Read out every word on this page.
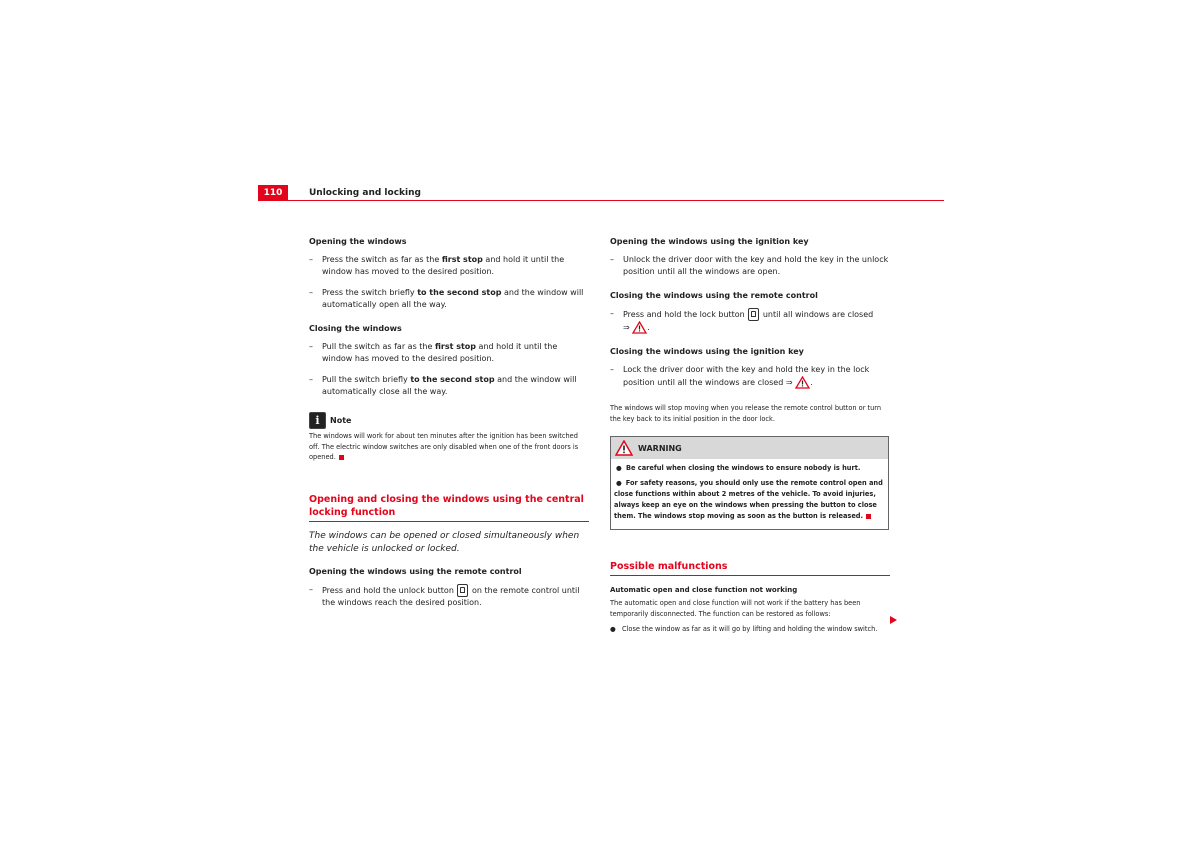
110	Unlocking and locking

Opening the windows

– Press the switch as far as the first stop and hold it until the window has moved to the desired position.
– Press the switch briefly to the second stop and the window will automatically open all the way.

Closing the windows

– Pull the switch as far as the first stop and hold it until the window has moved to the desired position.
– Pull the switch briefly to the second stop and the window will automatically close all the way.
i	Note

The windows will work for about ten minutes after the ignition has been switched off. The electric window switches are only disabled when one of the front doors is opened.

Opening and closing the windows using the central locking function

The windows can be opened or closed simultaneously when the vehicle is unlocked or locked.

Opening the windows using the remote control

– Press and hold the unlock button  on the remote control until the windows reach the desired position.

Opening the windows using the ignition key

– Unlock the driver door with the key and hold the key in the unlock position until all the windows are open.

Closing the windows using the remote control

– Press and hold the lock button  until all windows are closed
⇒ .

Closing the windows using the ignition key

– Lock the driver door with the key and hold the key in the lock position until all the windows are closed ⇒ .

The windows will stop moving when you release the remote control button or turn the key back to its initial position in the door lock.

WARNING
● Be careful when closing the windows to ensure nobody is hurt.
● For safety reasons, you should only use the remote control open and close functions within about 2 metres of the vehicle. To avoid injuries, always keep an eye on the windows when pressing the button to close them. The windows stop moving as soon as the button is released.

Possible malfunctions

Automatic open and close function not working

The automatic open and close function will not work if the battery has been temporarily disconnected. The function can be restored as follows:

● Close the window as far as it will go by lifting and holding the window switch.
